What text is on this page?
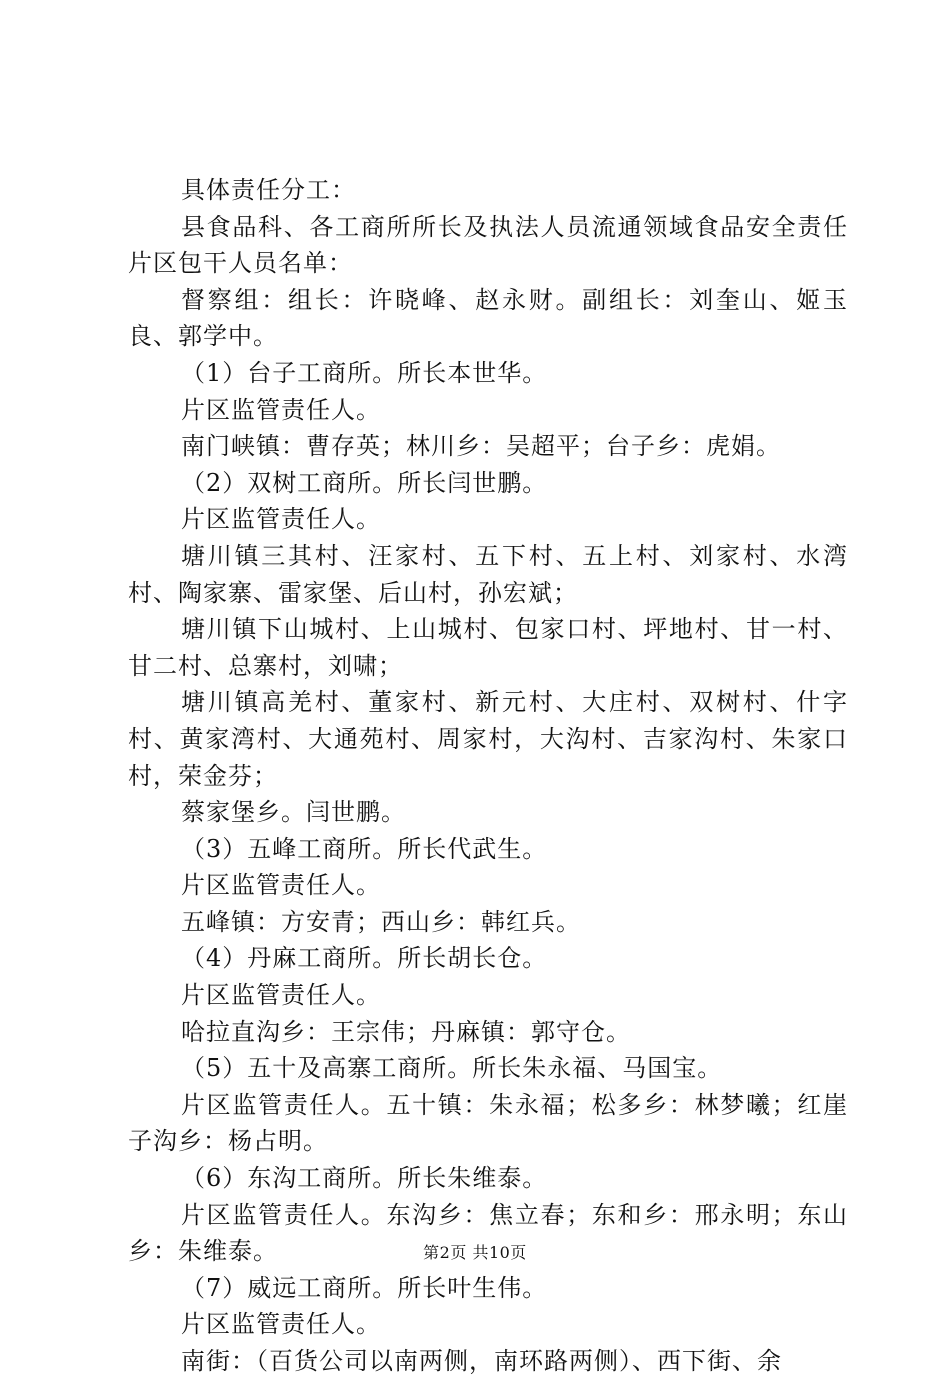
具体责任分工：

县食品科、各工商所所长及执法人员流通领域食品安全责任片区包干人员名单：

督察组：组长：许晓峰、赵永财。副组长：刘奎山、姬玉良、郭学中。

（1）台子工商所。所长本世华。

片区监管责任人。

南门峡镇：曹存英；林川乡：吴超平；台子乡：虎娟。

（2）双树工商所。所长闫世鹏。

片区监管责任人。

塘川镇三其村、汪家村、五下村、五上村、刘家村、水湾村、陶家寨、雷家堡、后山村，孙宏斌；

塘川镇下山城村、上山城村、包家口村、坪地村、甘一村、甘二村、总寨村，刘啸；

塘川镇高羌村、董家村、新元村、大庄村、双树村、什字村、黄家湾村、大通苑村、周家村，大沟村、吉家沟村、朱家口村，荣金芬；

蔡家堡乡。闫世鹏。

（3）五峰工商所。所长代武生。

片区监管责任人。

五峰镇：方安青；西山乡：韩红兵。

（4）丹麻工商所。所长胡长仓。

片区监管责任人。

哈拉直沟乡：王宗伟；丹麻镇：郭守仓。

（5）五十及高寨工商所。所长朱永福、马国宝。

片区监管责任人。五十镇：朱永福；松多乡：林梦曦；红崖子沟乡：杨占明。

（6）东沟工商所。所长朱维泰。

片区监管责任人。东沟乡：焦立春；东和乡：邢永明；东山乡：朱维泰。

（7）威远工商所。所长叶生伟。

片区监管责任人。

南街：（百货公司以南两侧，南环路两侧）、西下街、余

第2页 共10页
